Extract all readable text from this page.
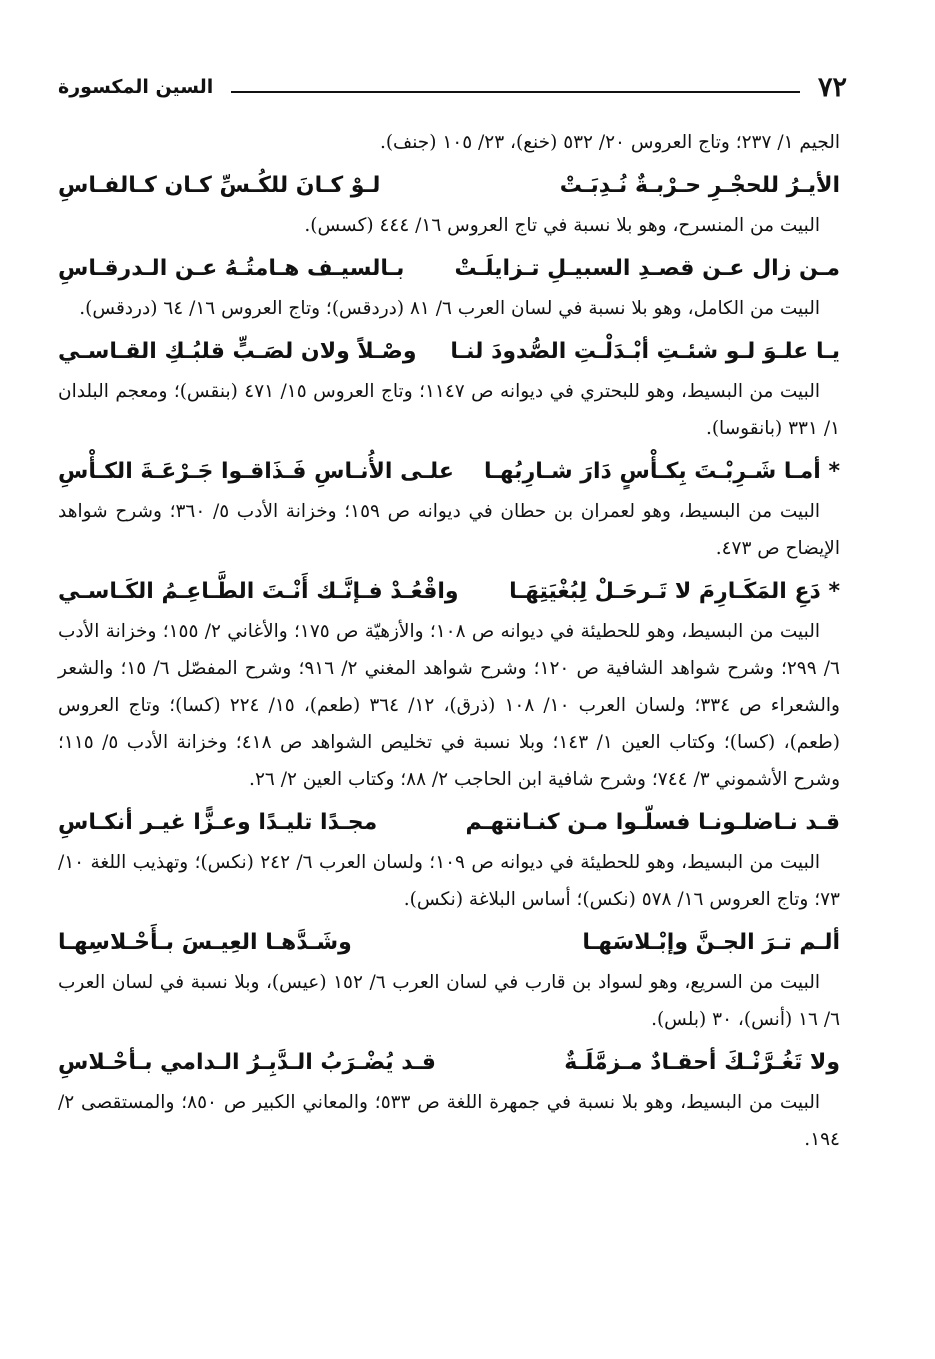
٧٢
السين المكسورة

الجيم ١/ ٢٣٧؛ وتاج العروس ٢٠/ ٥٣٢ (خنع)، ٢٣/ ١٠٥ (جنف).

الأيـرُ للحجْـرِ حـرْبـةٌ نُـدِبَـتْ
لـوْ كـانَ للكُـسِّ كـان كـالفـاسِ

البيت من المنسرح، وهو بلا نسبة في تاج العروس ١٦/ ٤٤٤ (كسس).

مـن زال عـن قصـدِ السبيـلِ تـزايلَـتْ
بـالسيـف هـامتُـهُ عـن الـدرقـاسِ

البيت من الكامل، وهو بلا نسبة في لسان العرب ٦/ ٨١ (دردقس)؛ وتاج العروس ١٦/ ٦٤ (دردقس).

يـا علـوَ لـو شئـتِ أبْـدَلْـتِ الصُّدودَ لنـا
وصْـلاً ولان لصَـبٍّ قلبُـكِ القـاسـي

البيت من البسيط، وهو للبحتري في ديوانه ص ١١٤٧؛ وتاج العروس ١٥/ ٤٧١ (بنقس)؛ ومعجم البلدان ١/ ٣٣١ (بانقوسا).

* أمـا شَـرِبْـتَ بِكـأْسٍ دَارَ شـارِبُهـا
علـى الأُنـاسِ فَـذَاقـوا جَـرْعَـةَ الكـأْسِ

البيت من البسيط، وهو لعمران بن حطان في ديوانه ص ١٥٩؛ وخزانة الأدب ٥/ ٣٦٠؛ وشرح شواهد الإيضاح ص ٤٧٣.

* دَعِ المَكَـارِمَ لا تَـرحَـلْ لِبُغْيَتِهَـا
واقْعُـدْ فـإنَّـك أَنْـتَ الطَّـاعِـمُ الكَـاسـي

البيت من البسيط، وهو للحطيئة في ديوانه ص ١٠٨؛ والأزهيّة ص ١٧٥؛ والأغاني ٢/ ١٥٥؛ وخزانة الأدب ٦/ ٢٩٩؛ وشرح شواهد الشافية ص ١٢٠؛ وشرح شواهد المغني ٢/ ٩١٦؛ وشرح المفصّل ٦/ ١٥؛ والشعر والشعراء ص ٣٣٤؛ ولسان العرب ١٠/ ١٠٨ (ذرق)، ١٢/ ٣٦٤ (طعم)، ١٥/ ٢٢٤ (كسا)؛ وتاج العروس (طعم)، (كسا)؛ وكتاب العين ١/ ١٤٣؛ وبلا نسبة في تخليص الشواهد ص ٤١٨؛ وخزانة الأدب ٥/ ١١٥؛ وشرح الأشموني ٣/ ٧٤٤؛ وشرح شافية ابن الحاجب ٢/ ٨٨؛ وكتاب العين ٢/ ٢٦.

قـد نـاضلـونـا فسلّـوا مـن كنـانتهـم
مجـدًا تليـدًا وعـزًّا غيـر أنكـاسِ

البيت من البسيط، وهو للحطيئة في ديوانه ص ١٠٩؛ ولسان العرب ٦/ ٢٤٢ (نكس)؛ وتهذيب اللغة ١٠/ ٧٣؛ وتاج العروس ١٦/ ٥٧٨ (نكس)؛ أساس البلاغة (نكس).

ألـم تـرَ الجـنَّ وإبْـلاسَهـا
وشَـدَّهـا العِيـسَ بـأَحْـلاسِهـا

البيت من السريع، وهو لسواد بن قارب في لسان العرب ٦/ ١٥٢ (عيس)، وبلا نسبة في لسان العرب ٦/ ١٦ (أنس)، ٣٠ (بلس).

ولا تَغُـرَّنْـكَ أحقـادٌ مـزمَّلَـةٌ
قـد يُضْـرَبُ الـدَّبِـرُ الـدامي بـأحْـلاسِ

البيت من البسيط، وهو بلا نسبة في جمهرة اللغة ص ٥٣٣؛ والمعاني الكبير ص ٨٥٠؛ والمستقصى ٢/ ١٩٤.
